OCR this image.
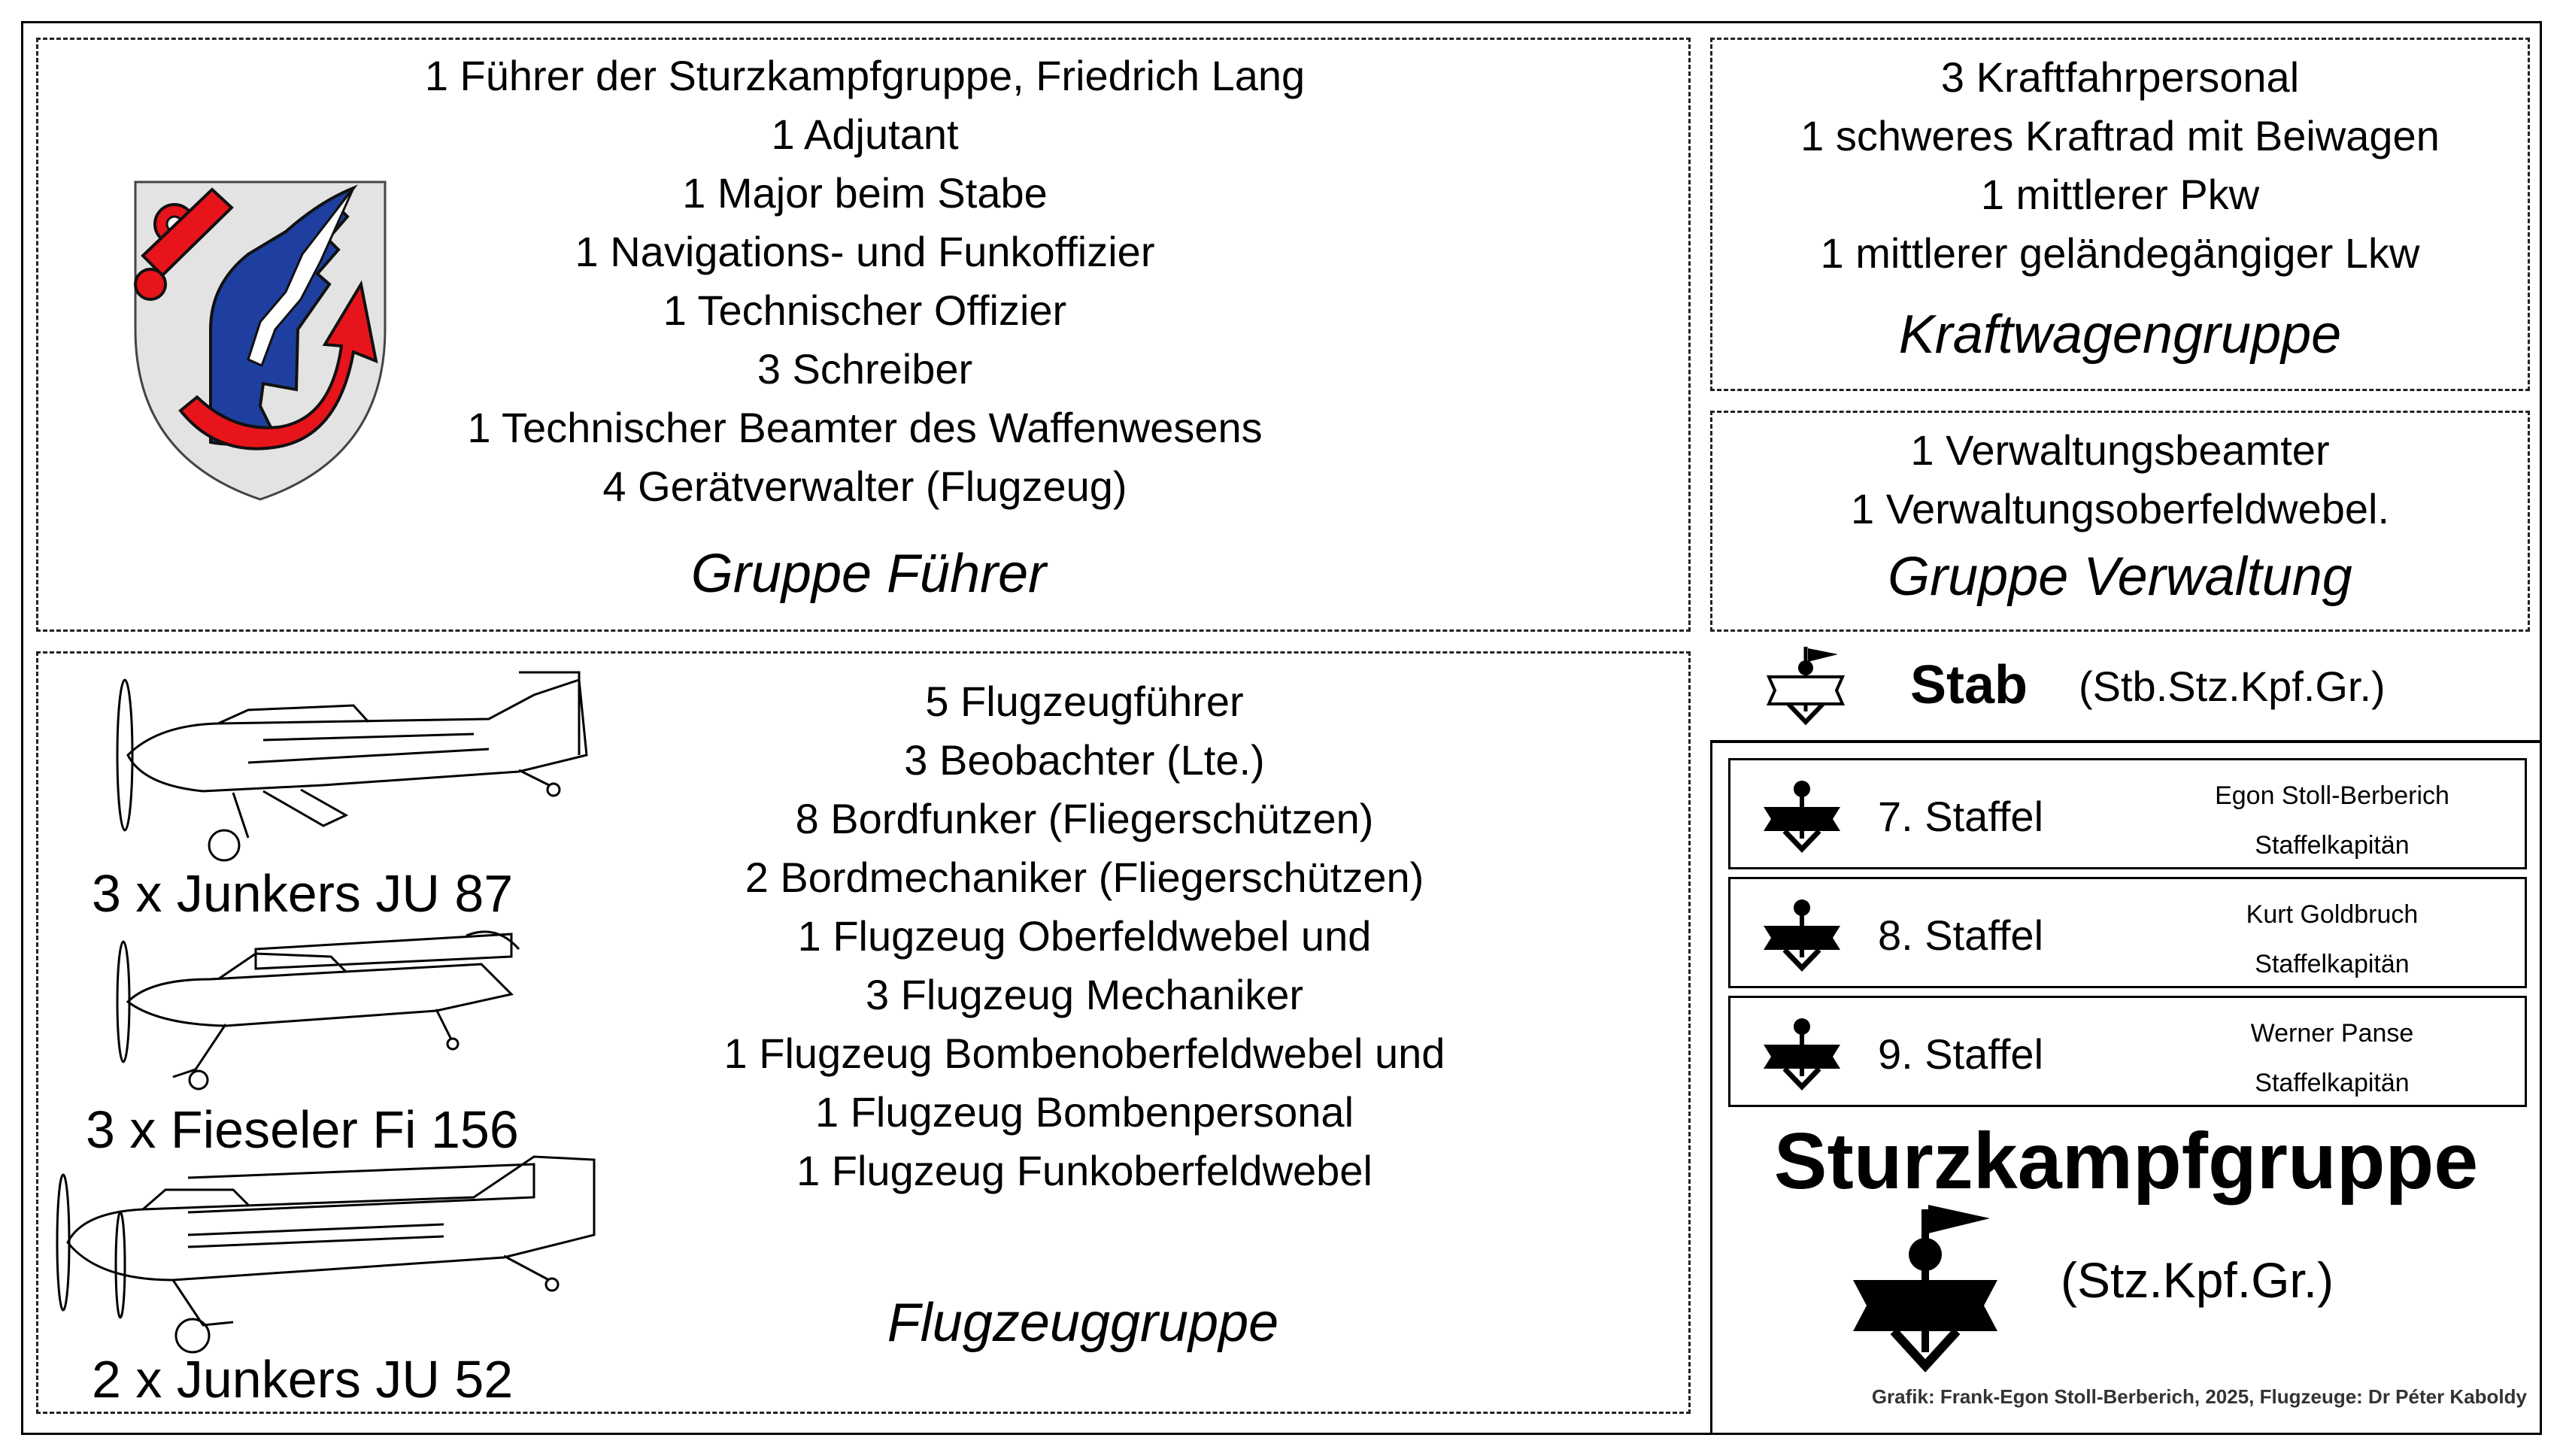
1 Führer der Sturzkampfgruppe, Friedrich Lang
1 Adjutant
1 Major beim Stabe
1 Navigations- und Funkoffizier
1 Technischer Offizier
3 Schreiber
1 Technischer Beamter des Waffenwesens
4 Gerätverwalter (Flugzeug)
Gruppe Führer
3 Kraftfahrpersonal
1 schweres Kraftrad mit Beiwagen
1 mittlerer Pkw
1 mittlerer geländegängiger Lkw
Kraftwagengruppe
1 Verwaltungsbeamter
1 Verwaltungsoberfeldwebel.
Gruppe Verwaltung
Stab (Stb.Stz.Kpf.Gr.)
3 x Junkers JU 87
3 x Fieseler Fi 156
2 x Junkers JU 52
5 Flugzeugführer
3 Beobachter (Lte.)
8 Bordfunker (Fliegerschützen)
2 Bordmechaniker (Fliegerschützen)
1 Flugzeug Oberfeldwebel und
3 Flugzeug Mechaniker
1 Flugzeug Bombenoberfeldwebel und
1 Flugzeug Bombenpersonal
1 Flugzeug Funkoberfeldwebel
Flugzeuggruppe
7. Staffel	Egon Stoll-Berberich
Staffelkapitän
8. Staffel	Kurt Goldbruch
Staffelkapitän
9. Staffel	Werner Panse
Staffelkapitän
Sturzkampfgruppe
(Stz.Kpf.Gr.)
Grafik: Frank-Egon Stoll-Berberich, 2025, Flugzeuge: Dr Péter Kaboldy
